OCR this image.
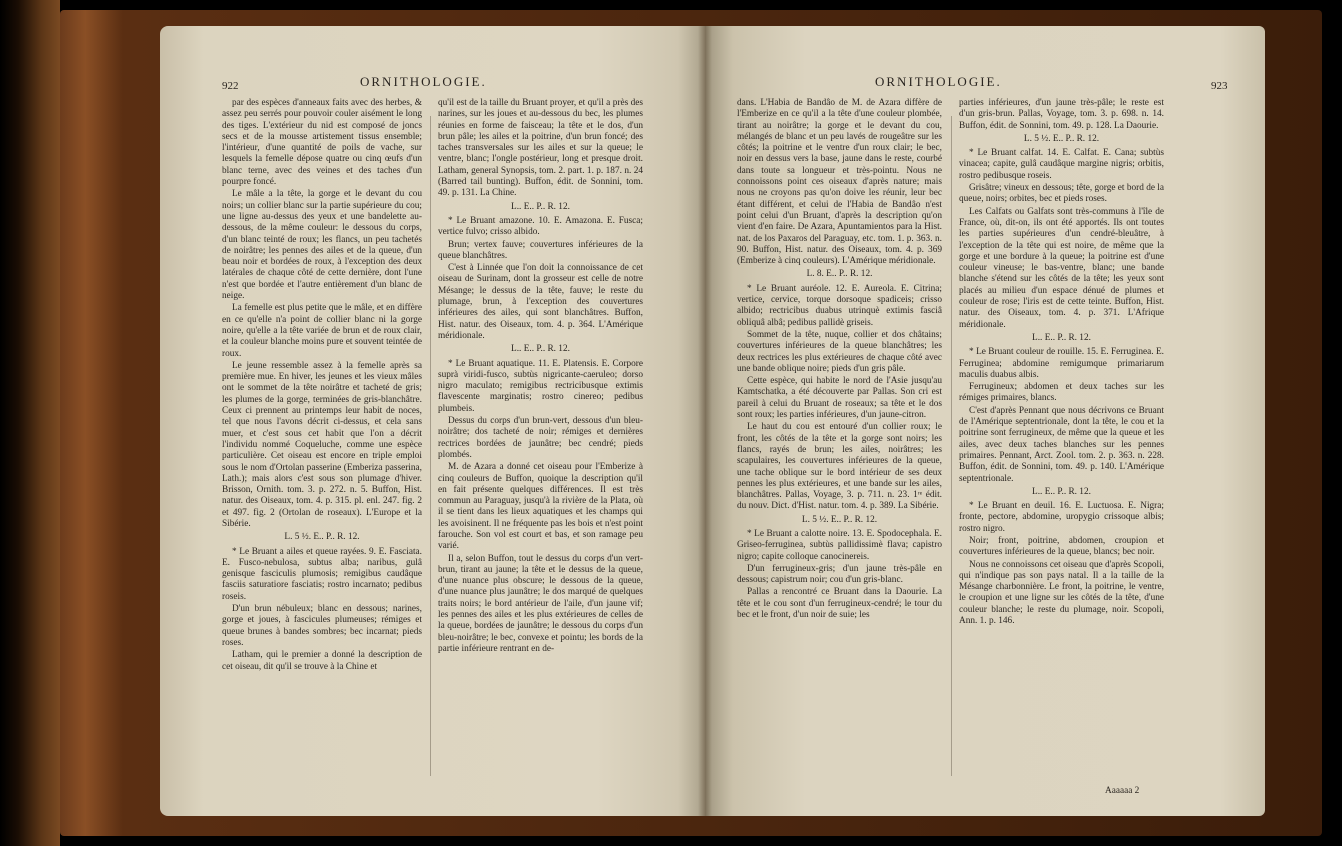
922	ORNITHOLOGIE.

par des espèces d'anneaux faits avec des herbes, & assez peu serrés pour pouvoir couler aisément le long des tiges. L'extérieur du nid est composé de joncs secs et de la mousse artistement tissus ensemble; l'intérieur, d'une quantité de poils de vache, sur lesquels la femelle dépose quatre ou cinq œufs d'un blanc terne, avec des veines et des taches d'un pourpre foncé.

Le mâle a la tête, la gorge et le devant du cou noirs; un collier blanc sur la partie supérieure du cou; une ligne au-dessus des yeux et une bandelette au-dessous, de la même couleur: le dessous du corps, d'un blanc teinté de roux; les flancs, un peu tachetés de noirâtre; les pennes des ailes et de la queue, d'un beau noir et bordées de roux, à l'exception des deux latérales de chaque côté de cette dernière, dont l'une n'est que bordée et l'autre entièrement d'un blanc de neige.

La femelle est plus petite que le mâle, et en diffère en ce qu'elle n'a point de collier blanc ni la gorge noire, qu'elle a la tête variée de brun et de roux clair, et la couleur blanche moins pure et souvent teintée de roux.

Le jeune ressemble assez à la femelle après sa première mue. En hiver, les jeunes et les vieux mâles ont le sommet de la tête noirâtre et tacheté de gris; les plumes de la gorge, terminées de gris-blanchâtre. Ceux ci prennent au printemps leur habit de noces, tel que nous l'avons décrit ci-dessus, et cela sans muer, et c'est sous cet habit que l'on a décrit l'individu nommé Coqueluche, comme une espèce particulière. Cet oiseau est encore en triple emploi sous le nom d'Ortolan passerine (Emberiza passerina, Lath.); mais alors c'est sous son plumage d'hiver. Brisson, Ornith. tom. 3. p. 272. n. 5. Buffon, Hist. natur. des Oiseaux, tom. 4. p. 315. pl. enl. 247. fig. 2 et 497. fig. 2 (Ortolan de roseaux). L'Europe et la Sibérie.

L. 5 ½. E.. P.. R. 12.

* Le Bruant a ailes et queue rayées. 9. E. Fasciata. E. Fusco-nebulosa, subtus alba; naribus, gulâ genisque fasciculis plumosis; remigibus caudâque fasciis saturatiore fasciatis; rostro incarnato; pedibus roseis.

D'un brun nébuleux; blanc en dessous; narines, gorge et joues, à fascicules plumeuses; rémiges et queue brunes à bandes sombres; bec incarnat; pieds roses.

Latham, qui le premier a donné la description de cet oiseau, dit qu'il se trouve à la Chine et

qu'il est de la taille du Bruant proyer, et qu'il a près des narines, sur les joues et au-dessous du bec, les plumes réunies en forme de faisceau; la tête et le dos, d'un brun pâle; les ailes et la poitrine, d'un brun foncé; des taches transversales sur les ailes et sur la queue; le ventre, blanc; l'ongle postérieur, long et presque droit. Latham, general Synopsis, tom. 2. part. 1. p. 187. n. 24 (Barred tail bunting). Buffon, édit. de Sonnini, tom. 49. p. 131. La Chine.

L.. E.. P.. R. 12.

* Le Bruant amazone. 10. E. Amazona. E. Fusca; vertice fulvo; crisso albido.

Brun; vertex fauve; couvertures inférieures de la queue blanchâtres.

C'est à Linnée que l'on doit la connoissance de cet oiseau de Surinam, dont la grosseur est celle de notre Mésange; le dessus de la tête, fauve; le reste du plumage, brun, à l'exception des couvertures inférieures des ailes, qui sont blanchâtres. Buffon, Hist. natur. des Oiseaux, tom. 4. p. 364. L'Amérique méridionale.

L.. E.. P.. R. 12.

* Le Bruant aquatique. 11. E. Platensis. E. Corpore suprà viridi-fusco, subtùs nigricante-caeruleo; dorso nigro maculato; remigibus rectricibusque extimis flavescente marginatis; rostro cinereo; pedibus plumbeis.

Dessus du corps d'un brun-vert, dessous d'un bleu-noirâtre; dos tacheté de noir; rémiges et dernières rectrices bordées de jaunâtre; bec cendré; pieds plombés.

M. de Azara a donné cet oiseau pour l'Emberize à cinq couleurs de Buffon, quoique la description qu'il en fait présente quelques différences. Il est très commun au Paraguay, jusqu'à la rivière de la Plata, où il se tient dans les lieux aquatiques et les champs qui les avoisinent. Il ne fréquente pas les bois et n'est point farouche. Son vol est court et bas, et son ramage peu varié.

Il a, selon Buffon, tout le dessus du corps d'un vert-brun, tirant au jaune; la tête et le dessus de la queue, d'une nuance plus obscure; le dessous de la queue, d'une nuance plus jaunâtre; le dos marqué de quelques traits noirs; le bord antérieur de l'aile, d'un jaune vif; les pennes des ailes et les plus extérieures de celles de la queue, bordées de jaunâtre; le dessous du corps d'un bleu-noirâtre; le bec, convexe et pointu; les bords de la partie inférieure rentrant en de-

ORNITHOLOGIE.	923

dans. L'Habia de Bandâo de M. de Azara diffère de l'Emberize en ce qu'il a la tête d'une couleur plombée, tirant au noirâtre; la gorge et le devant du cou, mélangés de blanc et un peu lavés de rougeâtre sur les côtés; la poitrine et le ventre d'un roux clair; le bec, noir en dessus vers la base, jaune dans le reste, courbé dans toute sa longueur et très-pointu. Nous ne connoissons point ces oiseaux d'après nature; mais nous ne croyons pas qu'on doive les réunir, leur bec étant différent, et celui de l'Habia de Bandâo n'est point celui d'un Bruant, d'après la description qu'on vient d'en faire. De Azara, Apuntamientos para la Hist. nat. de los Paxaros del Paraguay, etc. tom. 1. p. 363. n. 90. Buffon, Hist. natur. des Oiseaux, tom. 4. p. 369 (Emberize à cinq couleurs). L'Amérique méridionale.

L. 8. E.. P.. R. 12.

* Le Bruant auréole. 12. E. Aureola. E. Citrina; vertice, cervice, torque dorsoque spadiceis; crisso albido; rectricibus duabus utrinquè extimis fasciâ obliquâ albâ; pedibus pallidè griseis.

Sommet de la tête, nuque, collier et dos châtains; couvertures inférieures de la queue blanchâtres; les deux rectrices les plus extérieures de chaque côté avec une bande oblique noire; pieds d'un gris pâle.

Cette espèce, qui habite le nord de l'Asie jusqu'au Kamtschatka, a été découverte par Pallas. Son cri est pareil à celui du Bruant de roseaux; sa tête et le dos sont roux; les parties inférieures, d'un jaune-citron.

Le haut du cou est entouré d'un collier roux; le front, les côtés de la tête et la gorge sont noirs; les flancs, rayés de brun; les ailes, noirâtres; les scapulaires, les couvertures inférieures de la queue, une tache oblique sur le bord intérieur de ses deux pennes les plus extérieures, et une bande sur les ailes, blanchâtres. Pallas, Voyage, 3. p. 711. n. 23. 1ʳᵉ édit. du nouv. Dict. d'Hist. natur. tom. 4. p. 389. La Sibérie.

L. 5 ½. E.. P.. R. 12.

* Le Bruant a calotte noire. 13. E. Spodocephala. E. Griseo-ferruginea, subtùs pallidissimè flava; capistro nigro; capite colloque canocinereis.

D'un ferrugineux-gris; d'un jaune très-pâle en dessous; capistrum noir; cou d'un gris-blanc.

Pallas a rencontré ce Bruant dans la Daourie. La tête et le cou sont d'un ferrugineux-cendré; le tour du bec et le front, d'un noir de suie; les

parties inférieures, d'un jaune très-pâle; le reste est d'un gris-brun. Pallas, Voyage, tom. 3. p. 698. n. 14. Buffon, édit. de Sonnini, tom. 49. p. 128. La Daourie.

L. 5 ½. E.. P.. R. 12.

* Le Bruant calfat. 14. E. Calfat. E. Cana; subtùs vinacea; capite, gulâ caudâque margine nigris; orbitis, rostro pedibusque roseis.

Grisâtre; vineux en dessous; tête, gorge et bord de la queue, noirs; orbites, bec et pieds roses.

Les Calfats ou Galfats sont très-communs à l'île de France, où, dit-on, ils ont été apportés. Ils ont toutes les parties supérieures d'un cendré-bleuâtre, à l'exception de la tête qui est noire, de même que la gorge et une bordure à la queue; la poitrine est d'une couleur vineuse; le bas-ventre, blanc; une bande blanche s'étend sur les côtés de la tête; les yeux sont placés au milieu d'un espace dénué de plumes et couleur de rose; l'iris est de cette teinte. Buffon, Hist. natur. des Oiseaux, tom. 4. p. 371. L'Afrique méridionale.

L.. E.. P.. R. 12.

* Le Bruant couleur de rouille. 15. E. Ferruginea. E. Ferruginea; abdomine remigumque primariarum maculis duabus albis.

Ferrugineux; abdomen et deux taches sur les rémiges primaires, blancs.

C'est d'après Pennant que nous décrivons ce Bruant de l'Amérique septentrionale, dont la tête, le cou et la poitrine sont ferrugineux, de même que la queue et les ailes, avec deux taches blanches sur les pennes primaires. Pennant, Arct. Zool. tom. 2. p. 363. n. 228. Buffon, édit. de Sonnini, tom. 49. p. 140. L'Amérique septentrionale.

L.. E.. P.. R. 12.

* Le Bruant en deuil. 16. E. Luctuosa. E. Nigra; fronte, pectore, abdomine, uropygio crissoque albis; rostro nigro.

Noir; front, poitrine, abdomen, croupion et couvertures inférieures de la queue, blancs; bec noir.

Nous ne connoissons cet oiseau que d'après Scopoli, qui n'indique pas son pays natal. Il a la taille de la Mésange charbonnière. Le front, la poitrine, le ventre, le croupion et une ligne sur les côtés de la tête, d'une couleur blanche; le reste du plumage, noir. Scopoli, Ann. 1. p. 146.

Aaaaaa 2
